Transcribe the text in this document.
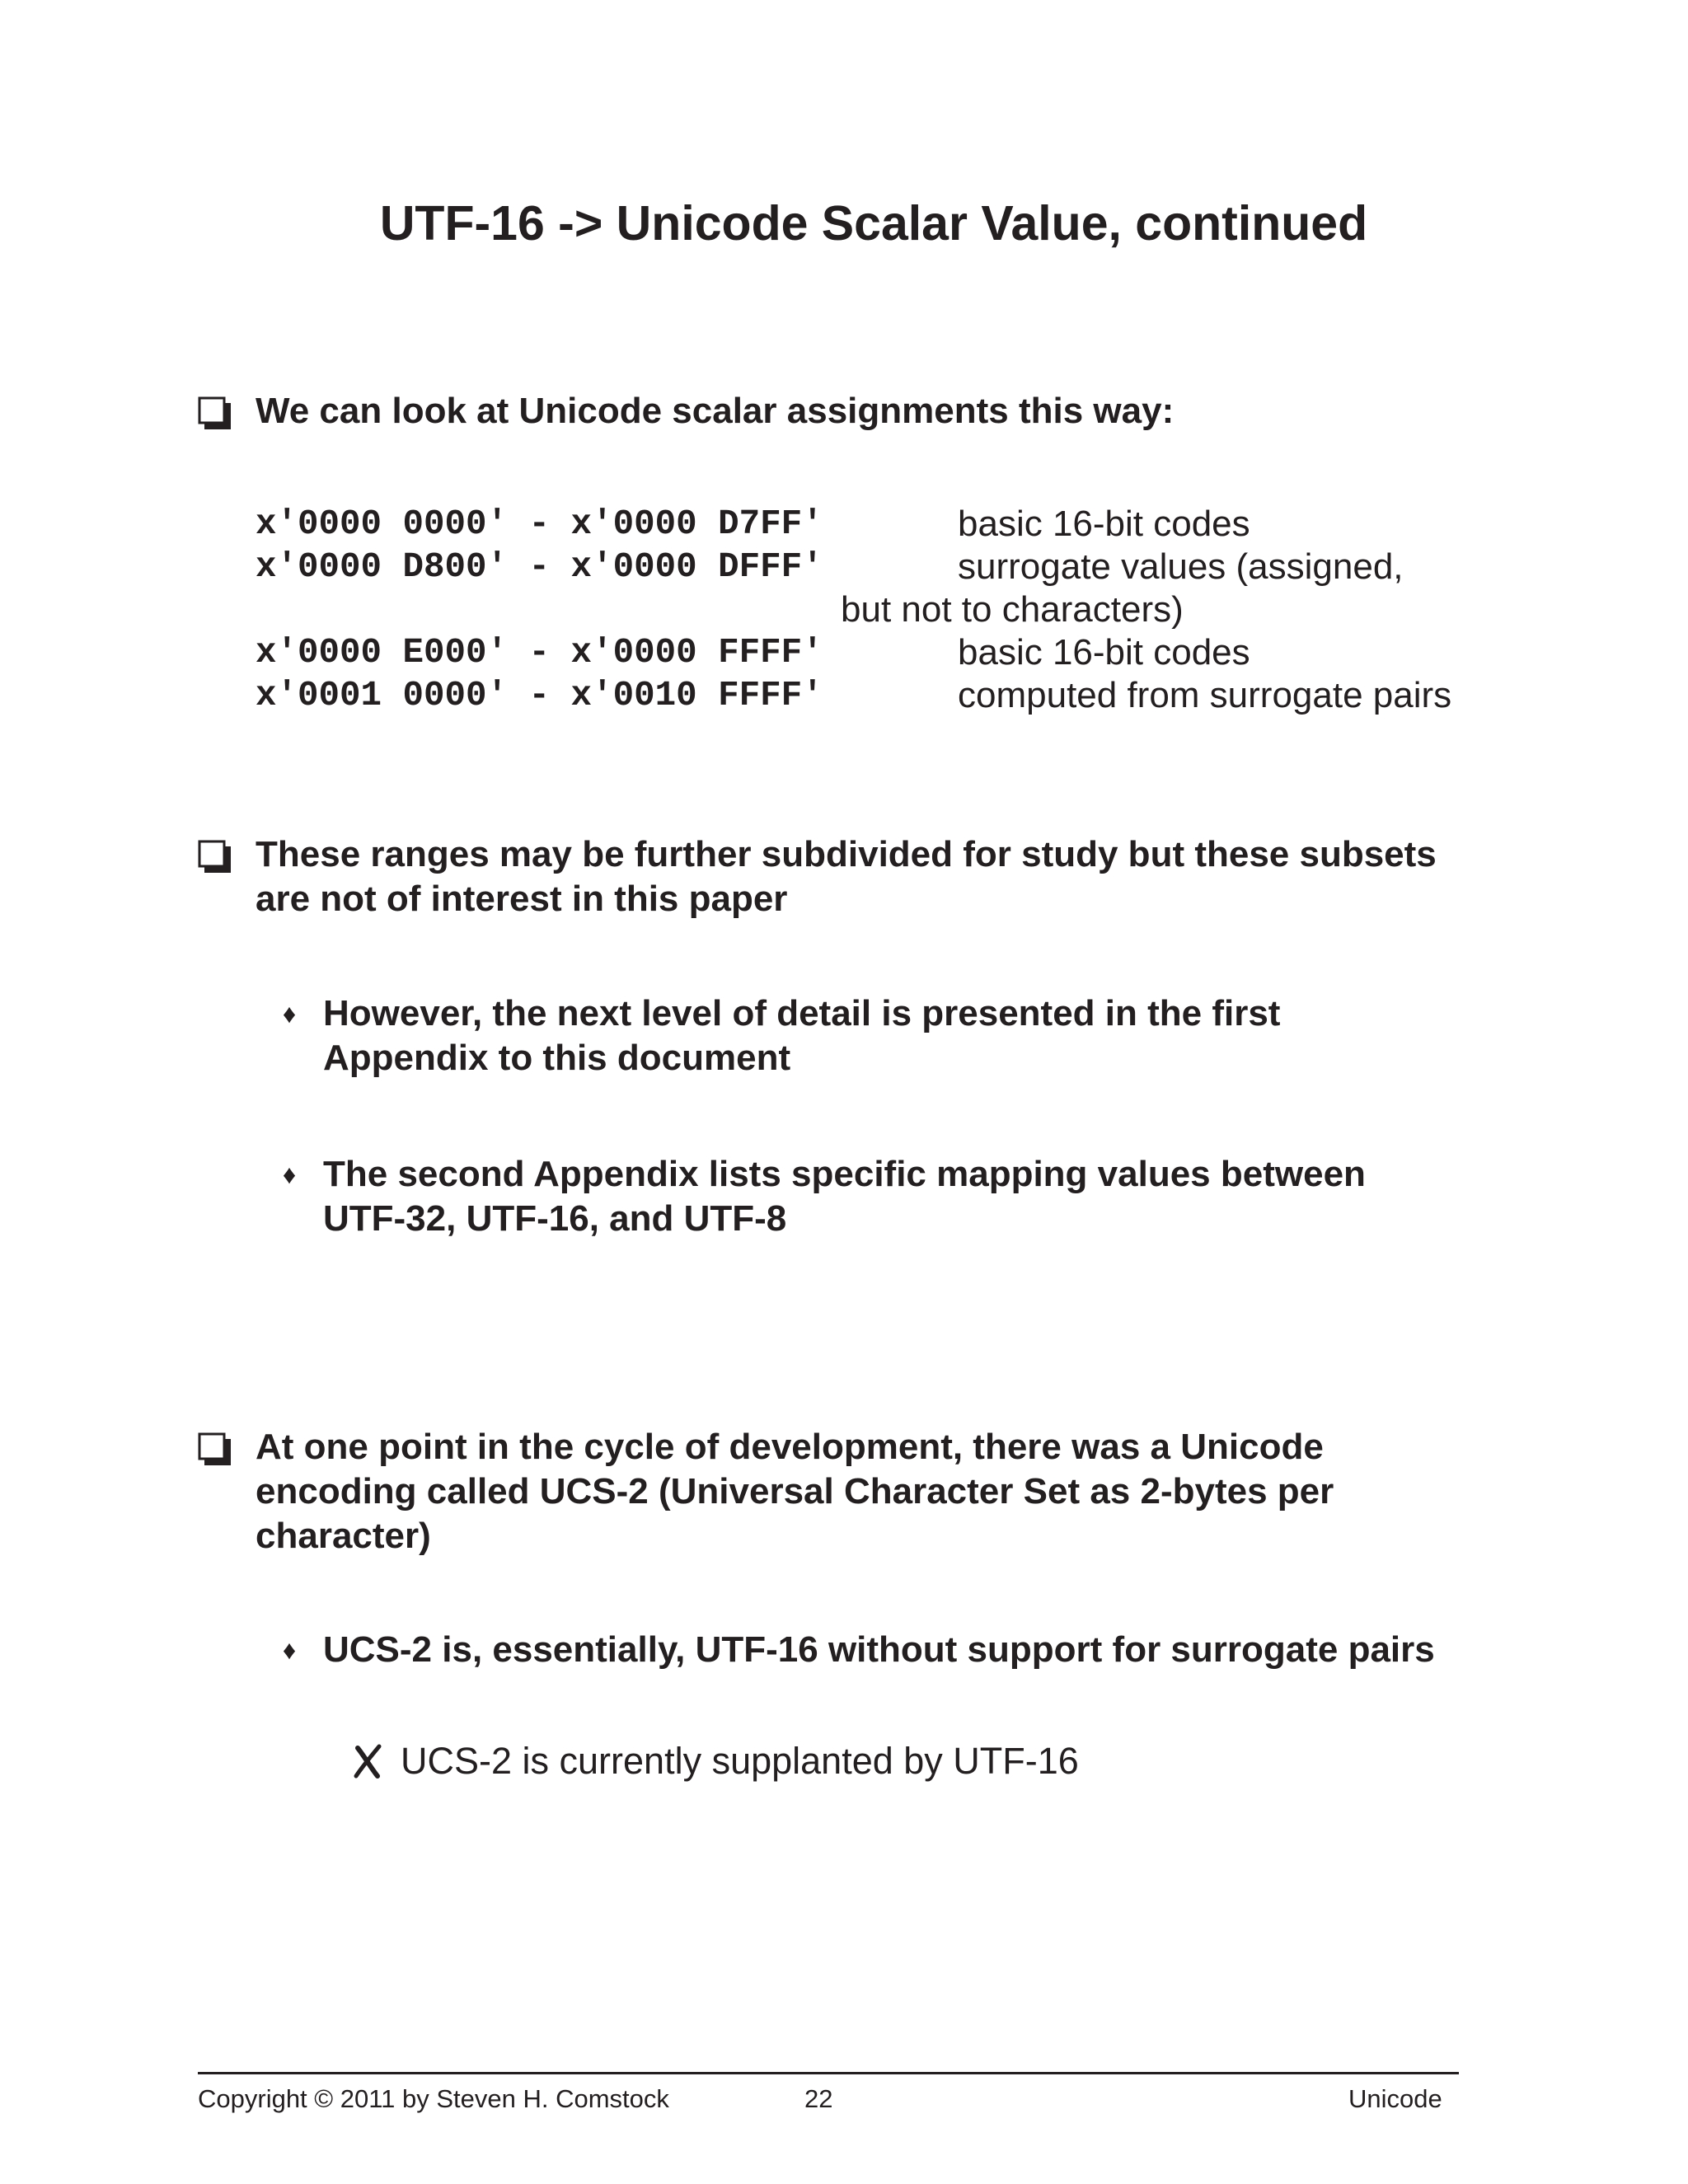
UTF-16 -> Unicode Scalar Value, continued
We can look at Unicode scalar assignments this way:
x'0000 0000' - x'0000 D7FF'	basic 16-bit codes
x'0000 D800' - x'0000 DFFF'	surrogate values (assigned,
but not to characters)
x'0000 E000' - x'0000 FFFF'	basic 16-bit codes
x'0001 0000' - x'0010 FFFF'	computed from surrogate pairs
These ranges may be further subdivided for study but these subsets
are not of interest in this paper
♦ However, the next level of detail is presented in the first
Appendix to this document
♦ The second Appendix lists specific mapping values between
UTF-32, UTF-16, and UTF-8
At one point in the cycle of development, there was a Unicode
encoding called UCS-2 (Universal Character Set as 2-bytes per
character)
♦ UCS-2 is, essentially, UTF-16 without support for surrogate pairs
UCS-2 is currently supplanted by UTF-16
Copyright © 2011 by Steven H. Comstock	22	Unicode
